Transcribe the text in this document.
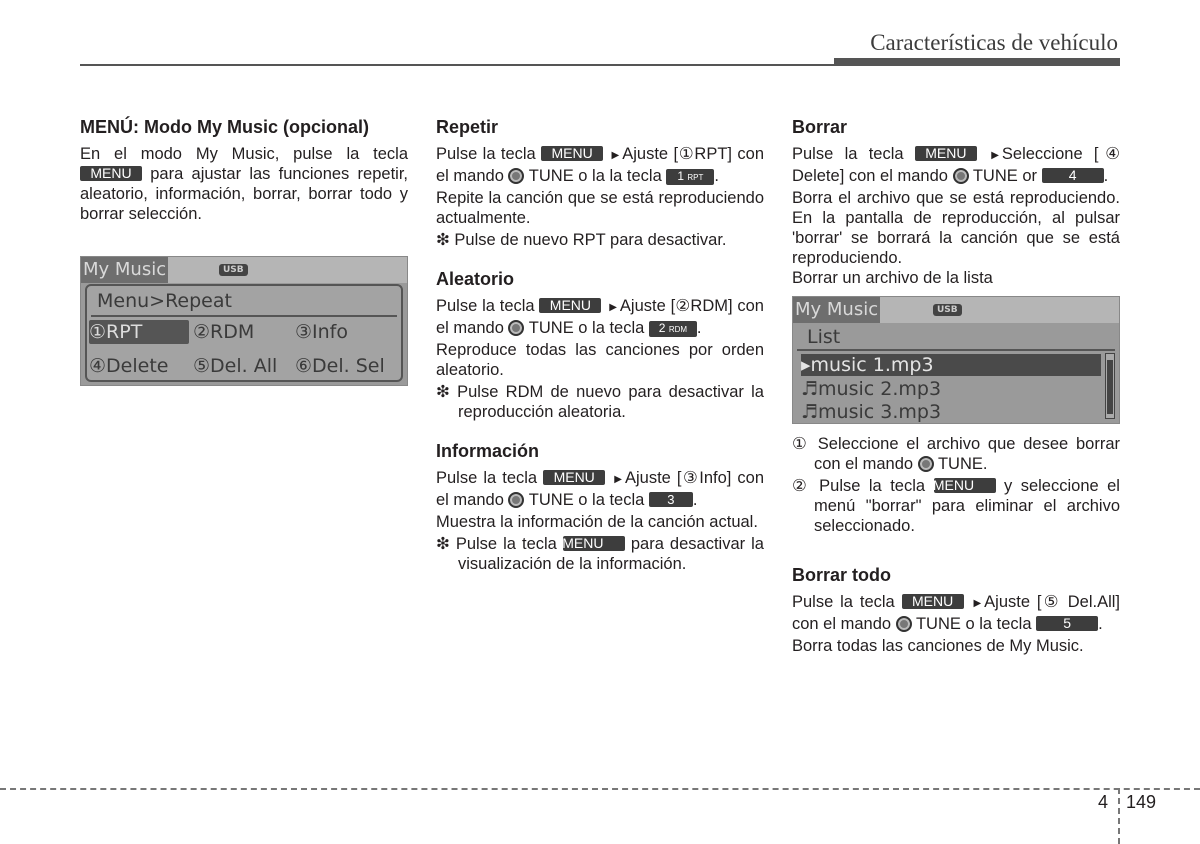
Características de vehículo
MENÚ: Modo My Music (opcional)

En el modo My Music, pulse la tecla MENU para ajustar las funciones repetir, aleatorio, información, borrar, borrar todo y borrar selección.

My Music	USB
Menu>Repeat
①RPT	②RDM ③Info
④Delete ⑤Del. All ⑥Del. Sel
Repetir

Pulse la tecla MENU ▶ Ajuste [①RPT] con el mando TUNE o la la tecla 1 RPT .

Repite la canción que se está reproduciendo actualmente.

❇ Pulse de nuevo RPT para desactivar.

Aleatorio

Pulse la tecla MENU ▶ Ajuste [②RDM] con el mando TUNE o la tecla 2 RDM .

Reproduce todas las canciones por orden aleatorio.

❇ Pulse RDM de nuevo para desactivar la reproducción aleatoria.

Información

Pulse la tecla MENU ▶ Ajuste [③Info] con el mando TUNE o la tecla 3 .

Muestra la información de la canción actual.

❇ Pulse la tecla MENU para desactivar la visualización de la información.

Borrar

Pulse la tecla MENU ▶ Seleccione [④ Delete] con el mando TUNE or 4 .

Borra el archivo que se está reproduciendo. En la pantalla de reproducción, al pulsar 'borrar' se borrará la canción que se está reproduciendo.

Borrar un archivo de la lista

My Music	USB
List
▸music 1.mp3
♬music 2.mp3
♬music 3.mp3

① Seleccione el archivo que desee borrar con el mando TUNE.

② Pulse la tecla MENU y seleccione el menú "borrar" para eliminar el archivo seleccionado.

Borrar todo

Pulse la tecla MENU ▶ Ajuste [⑤ Del.All] con el mando TUNE o la tecla 5 .

Borra todas las canciones de My Music.

4 149
